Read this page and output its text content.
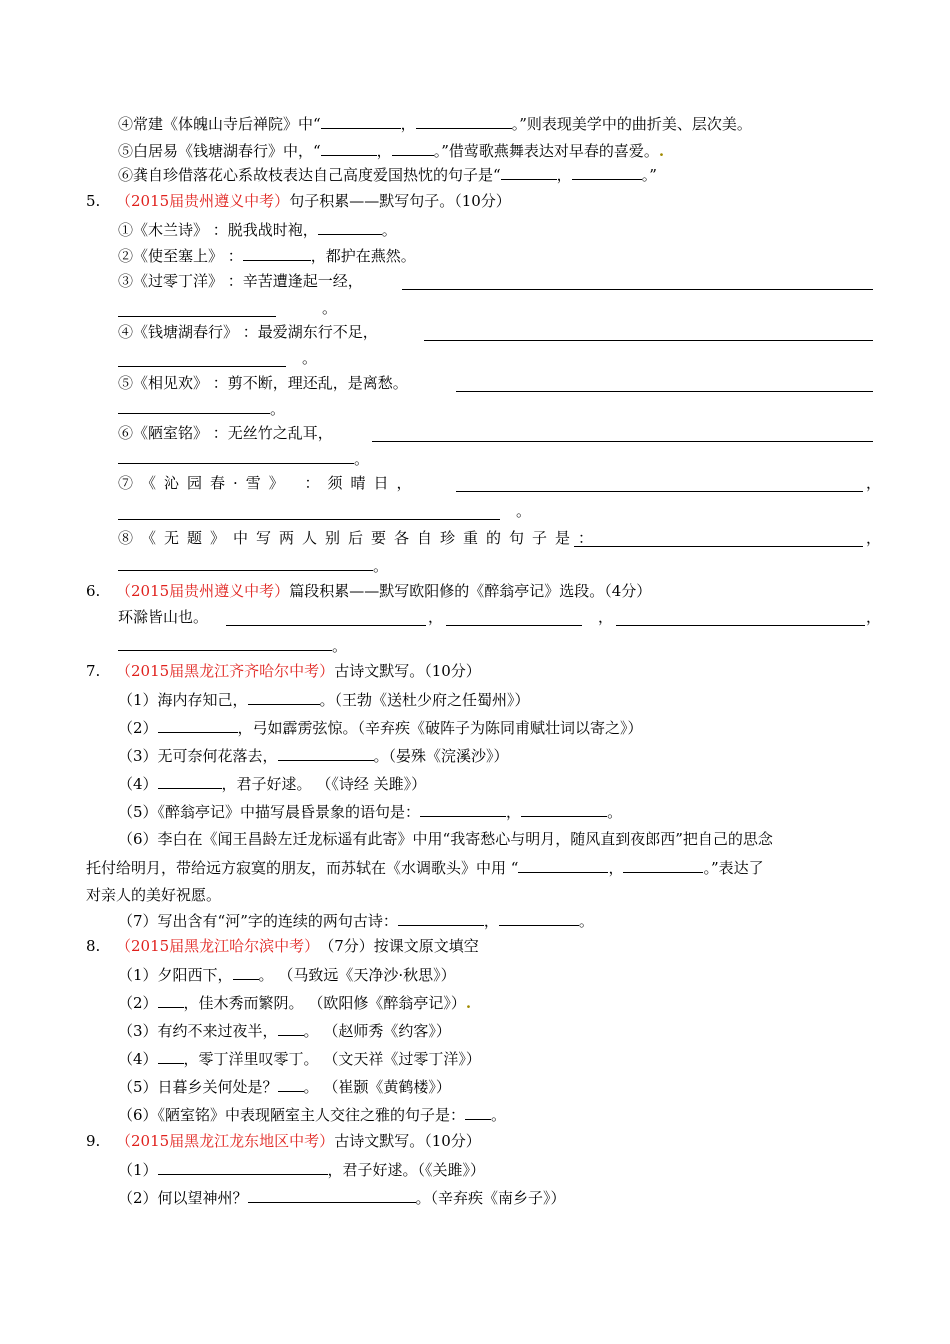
④常建《体魄山寺后禅院》中“	，	。”则表现美学中的曲折美、层次美。
⑤白居易《钱塘湖春行》中，“	，	。”借莺歌燕舞表达对早春的喜爱。.
⑥龚自珍借落花心系故枝表达自己高度爱国热忱的句子是“	，	。”
5. （2015届贵州遵义中考）句子积累——默写句子。（10分）
①《木兰诗》 ：脱我战时袍，	。
②《使至塞上》 ：	，都护在燕然。
③《过零丁洋》 ：辛苦遭逢起一经，
。
④《钱塘湖春行》 ：最爱湖东行不足，
。
⑤《相见欢》 ：剪不断，理还乱，是离愁。
。
⑥《陋室铭》 ：无丝竹之乱耳，
。
⑦《沁园春·雪》 ：须晴日，	，
。
⑧《无题》中写两人别后要各自珍重的句子是：	，
。
6. （2015届贵州遵义中考）篇段积累——默写欧阳修的《醉翁亭记》选段。（4分）
环滁皆山也。	，	，	，
。
7. （2015届黑龙江齐齐哈尔中考）古诗文默写。（10分）
（1）海内存知己，	。（王勃《送杜少府之任蜀州》）
（2）	，弓如霹雳弦惊。（辛弃疾《破阵子为陈同甫赋壮词以寄之》）
（3）无可奈何花落去，	。（晏殊《浣溪沙》）
（4）	，君子好逑。 （《诗经 关雎》）
（5）《醉翁亭记》中描写晨昏景象的语句是：	，	。
（6）李白在《闻王昌龄左迁龙标遥有此寄》中用“我寄愁心与明月，随风直到夜郎西”把自己的思念
托付给明月，带给远方寂寞的朋友，而苏轼在《水调歌头》中用 “	，	。”表达了
对亲人的美好祝愿。
（7）写出含有“河”字的连续的两句古诗：	，	。
8. （2015届黑龙江哈尔滨中考）（7分）按课文原文填空
（1）夕阳西下， 。 （马致远《天净沙·秋思》）
（2） ，佳木秀而繁阴。 （欧阳修《醉翁亭记》）.
（3）有约不来过夜半， 。 （赵师秀《约客》）
（4） ，零丁洋里叹零丁。 （文天祥《过零丁洋》）
（5）日暮乡关何处是？ 。 （崔颢《黄鹤楼》）
（6）《陋室铭》中表现陋室主人交往之雅的句子是： 。
9. （2015届黑龙江龙东地区中考）古诗文默写。（10分）
（1）	，君子好逑。（《关雎》）
（2）何以望神州？	。（辛弃疾《南乡子》）
